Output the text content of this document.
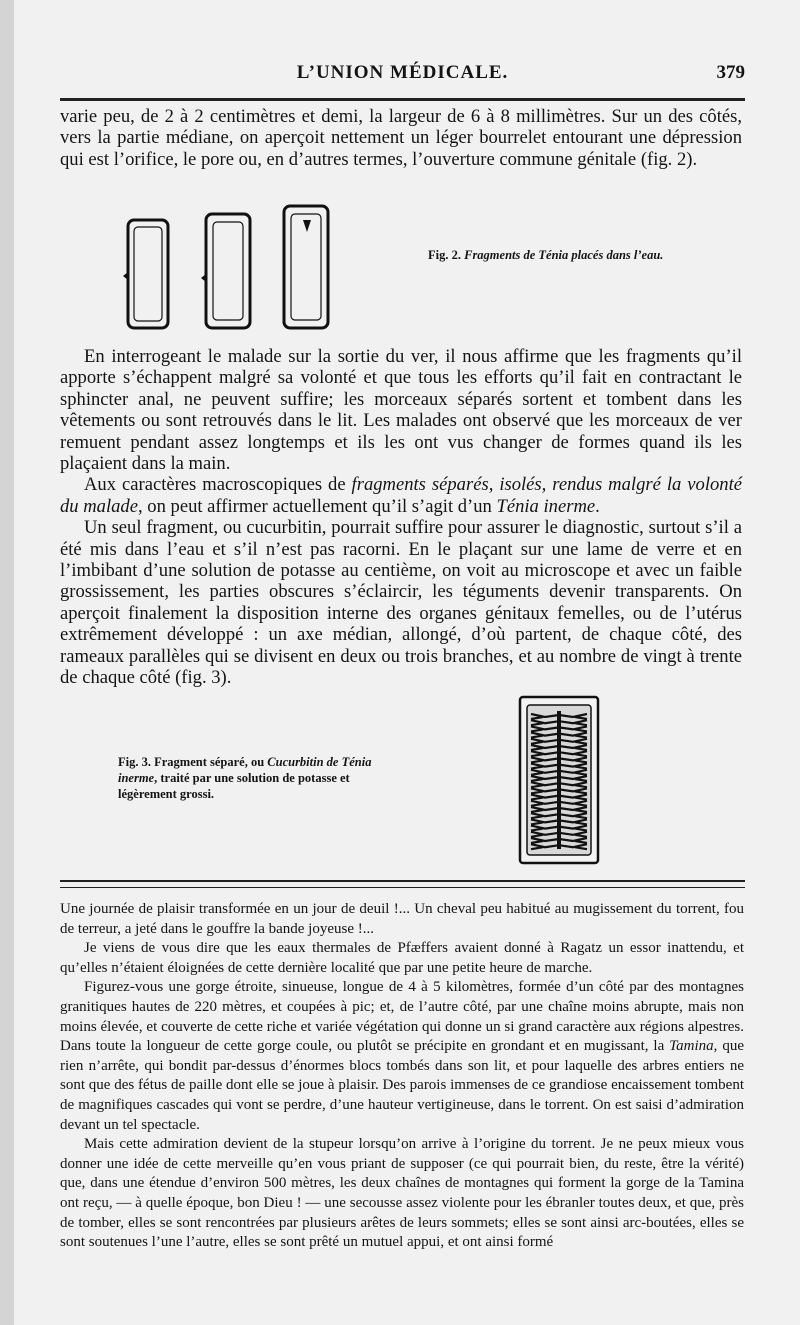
L’UNION MÉDICALE.	379

varie peu, de 2 à 2 centimètres et demi, la largeur de 6 à 8 millimètres. Sur un des côtés, vers la partie médiane, on aperçoit nettement un léger bourrelet entourant une dépression qui est l’orifice, le pore ou, en d’autres termes, l’ouverture commune génitale (fig. 2).

Fig. 2. Fragments de Ténia placés dans l’eau.

En interrogeant le malade sur la sortie du ver, il nous affirme que les fragments qu’il apporte s’échappent malgré sa volonté et que tous les efforts qu’il fait en contractant le sphincter anal, ne peuvent suffire; les morceaux séparés sortent et tombent dans les vêtements ou sont retrouvés dans le lit. Les malades ont observé que les morceaux de ver remuent pendant assez longtemps et ils les ont vus changer de formes quand ils les plaçaient dans la main.

Aux caractères macroscopiques de fragments séparés, isolés, rendus malgré la volonté du malade, on peut affirmer actuellement qu’il s’agit d’un Ténia inerme.

Un seul fragment, ou cucurbitin, pourrait suffire pour assurer le diagnostic, surtout s’il a été mis dans l’eau et s’il n’est pas racorni. En le plaçant sur une lame de verre et en l’imbibant d’une solution de potasse au centième, on voit au microscope et avec un faible grossissement, les parties obscures s’éclaircir, les téguments devenir transparents. On aperçoit finalement la disposition interne des organes génitaux femelles, ou de l’utérus extrêmement développé : un axe médian, allongé, d’où partent, de chaque côté, des rameaux parallèles qui se divisent en deux ou trois branches, et au nombre de vingt à trente de chaque côté (fig. 3).

Fig. 3. Fragment séparé, ou Cucurbitin de Ténia inerme, traité par une solution de potasse et légèrement grossi.

Une journée de plaisir transformée en un jour de deuil !... Un cheval peu habitué au mugissement du torrent, fou de terreur, a jeté dans le gouffre la bande joyeuse !...

Je viens de vous dire que les eaux thermales de Pfæffers avaient donné à Ragatz un essor inattendu, et qu’elles n’étaient éloignées de cette dernière localité que par une petite heure de marche.

Figurez-vous une gorge étroite, sinueuse, longue de 4 à 5 kilomètres, formée d’un côté par des montagnes granitiques hautes de 220 mètres, et coupées à pic; et, de l’autre côté, par une chaîne moins abrupte, mais non moins élevée, et couverte de cette riche et variée végétation qui donne un si grand caractère aux régions alpestres. Dans toute la longueur de cette gorge coule, ou plutôt se précipite en grondant et en mugissant, la Tamina, que rien n’arrête, qui bondit par-dessus d’énormes blocs tombés dans son lit, et pour laquelle des arbres entiers ne sont que des fétus de paille dont elle se joue à plaisir. Des parois immenses de ce grandiose encaissement tombent de magnifiques cascades qui vont se perdre, d’une hauteur vertigineuse, dans le torrent. On est saisi d’admiration devant un tel spectacle.

Mais cette admiration devient de la stupeur lorsqu’on arrive à l’origine du torrent. Je ne peux mieux vous donner une idée de cette merveille qu’en vous priant de supposer (ce qui pourrait bien, du reste, être la vérité) que, dans une étendue d’environ 500 mètres, les deux chaînes de montagnes qui forment la gorge de la Tamina ont reçu, — à quelle époque, bon Dieu ! — une secousse assez violente pour les ébranler toutes deux, et que, près de tomber, elles se sont rencontrées par plusieurs arêtes de leurs sommets; elles se sont ainsi arc-boutées, elles se sont soutenues l’une l’autre, elles se sont prêté un mutuel appui, et ont ainsi formé
